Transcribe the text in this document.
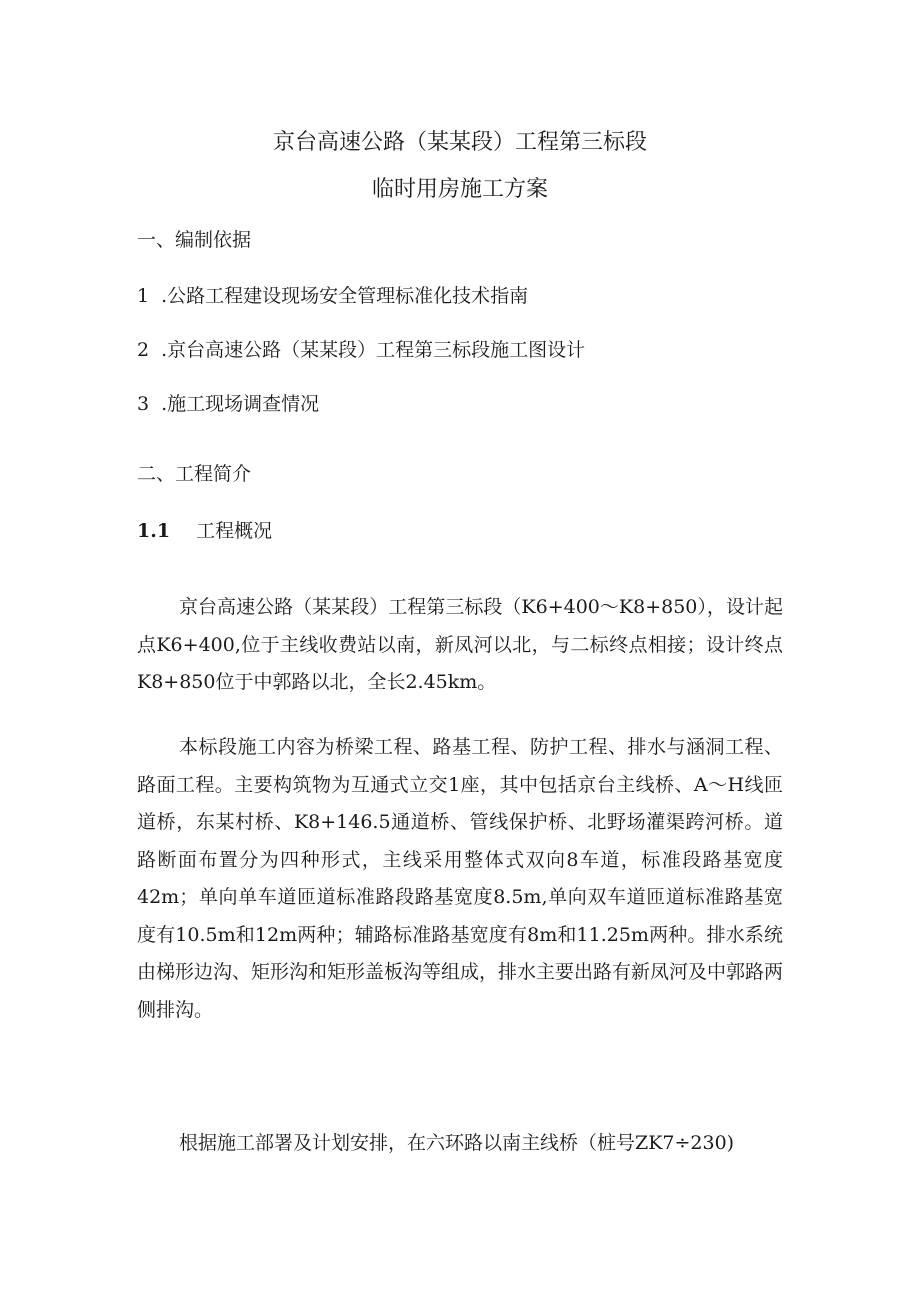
京台高速公路（某某段）工程第三标段
临时用房施工方案
一、编制依据
1 .公路工程建设现场安全管理标准化技术指南
2 .京台高速公路（某某段）工程第三标段施工图设计
3 .施工现场调查情况
二、工程简介
1.1 工程概况
京台高速公路（某某段）工程第三标段（K6+400～K8+850），设计起点K6+400,位于主线收费站以南，新凤河以北，与二标终点相接；设计终点K8+850位于中郭路以北，全长2.45km。
本标段施工内容为桥梁工程、路基工程、防护工程、排水与涵洞工程、路面工程。主要构筑物为互通式立交1座，其中包括京台主线桥、A～H线匝道桥，东某村桥、K8+146.5通道桥、管线保护桥、北野场灌渠跨河桥。道路断面布置分为四种形式，主线采用整体式双向8车道，标准段路基宽度42m；单向单车道匝道标准路段路基宽度8.5m,单向双车道匝道标准路基宽度有10.5m和12m两种；辅路标准路基宽度有8m和11.25m两种。排水系统由梯形边沟、矩形沟和矩形盖板沟等组成，排水主要出路有新凤河及中郭路两侧排沟。
根据施工部署及计划安排，在六环路以南主线桥（桩号ZK7÷230)
